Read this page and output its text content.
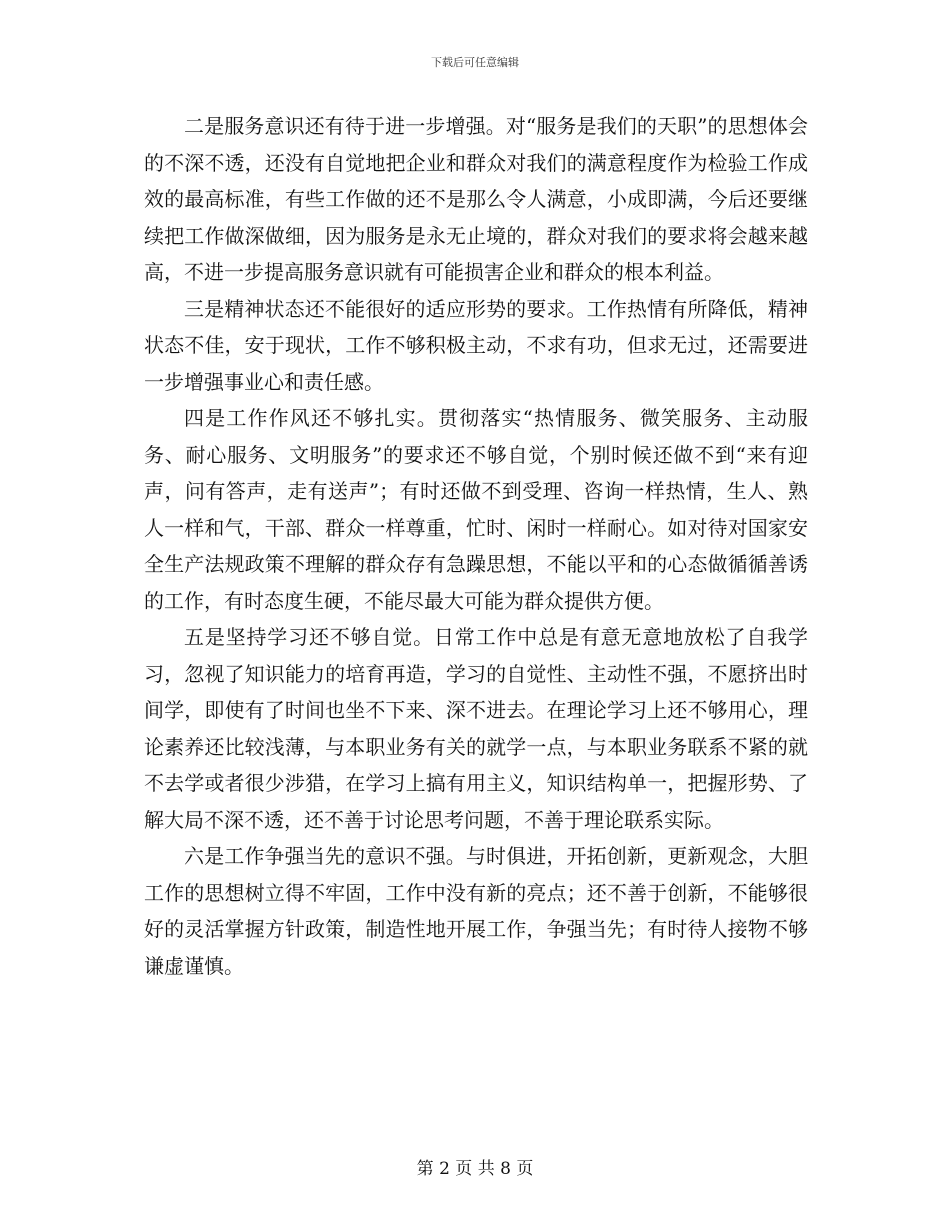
下载后可任意编辑

二是服务意识还有待于进一步增强。对“服务是我们的天职”的思想体会的不深不透，还没有自觉地把企业和群众对我们的满意程度作为检验工作成效的最高标准，有些工作做的还不是那么令人满意，小成即满，今后还要继续把工作做深做细，因为服务是永无止境的，群众对我们的要求将会越来越高，不进一步提高服务意识就有可能损害企业和群众的根本利益。

三是精神状态还不能很好的适应形势的要求。工作热情有所降低，精神状态不佳，安于现状，工作不够积极主动，不求有功，但求无过，还需要进一步增强事业心和责任感。

四是工作作风还不够扎实。贯彻落实“热情服务、微笑服务、主动服务、耐心服务、文明服务”的要求还不够自觉，个别时候还做不到“来有迎声，问有答声，走有送声”；有时还做不到受理、咨询一样热情，生人、熟人一样和气，干部、群众一样尊重，忙时、闲时一样耐心。如对待对国家安全生产法规政策不理解的群众存有急躁思想，不能以平和的心态做循循善诱的工作，有时态度生硬，不能尽最大可能为群众提供方便。

五是坚持学习还不够自觉。日常工作中总是有意无意地放松了自我学习，忽视了知识能力的培育再造，学习的自觉性、主动性不强，不愿挤出时间学，即使有了时间也坐不下来、深不进去。在理论学习上还不够用心，理论素养还比较浅薄，与本职业务有关的就学一点，与本职业务联系不紧的就不去学或者很少涉猎，在学习上搞有用主义，知识结构单一，把握形势、了解大局不深不透，还不善于讨论思考问题，不善于理论联系实际。

六是工作争强当先的意识不强。与时俱进，开拓创新，更新观念，大胆工作的思想树立得不牢固，工作中没有新的亮点；还不善于创新，不能够很好的灵活掌握方针政策，制造性地开展工作，争强当先；有时待人接物不够谦虚谨慎。

第 2 页 共 8 页
